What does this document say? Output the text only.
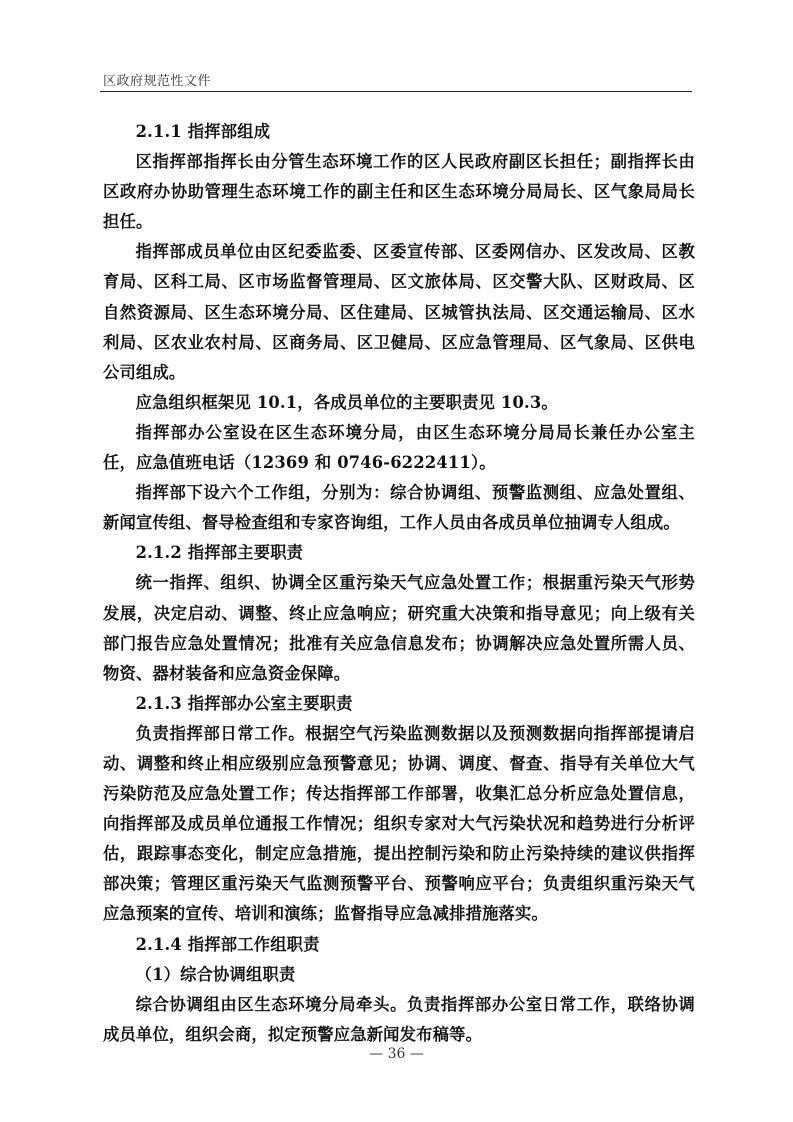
区政府规范性文件

2.1.1 指挥部组成

区指挥部指挥长由分管生态环境工作的区人民政府副区长担任；副指挥长由区政府办协助管理生态环境工作的副主任和区生态环境分局局长、区气象局局长担任。

指挥部成员单位由区纪委监委、区委宣传部、区委网信办、区发改局、区教育局、区科工局、区市场监督管理局、区文旅体局、区交警大队、区财政局、区自然资源局、区生态环境分局、区住建局、区城管执法局、区交通运输局、区水利局、区农业农村局、区商务局、区卫健局、区应急管理局、区气象局、区供电公司组成。

应急组织框架见 10.1，各成员单位的主要职责见 10.3。

指挥部办公室设在区生态环境分局，由区生态环境分局局长兼任办公室主任，应急值班电话（12369 和 0746-6222411）。

指挥部下设六个工作组，分别为：综合协调组、预警监测组、应急处置组、新闻宣传组、督导检查组和专家咨询组，工作人员由各成员单位抽调专人组成。

2.1.2 指挥部主要职责

统一指挥、组织、协调全区重污染天气应急处置工作；根据重污染天气形势发展，决定启动、调整、终止应急响应；研究重大决策和指导意见；向上级有关部门报告应急处置情况；批准有关应急信息发布；协调解决应急处置所需人员、物资、器材装备和应急资金保障。

2.1.3 指挥部办公室主要职责

负责指挥部日常工作。根据空气污染监测数据以及预测数据向指挥部提请启动、调整和终止相应级别应急预警意见；协调、调度、督查、指导有关单位大气污染防范及应急处置工作；传达指挥部工作部署，收集汇总分析应急处置信息，向指挥部及成员单位通报工作情况；组织专家对大气污染状况和趋势进行分析评估，跟踪事态变化，制定应急措施，提出控制污染和防止污染持续的建议供指挥部决策；管理区重污染天气监测预警平台、预警响应平台；负责组织重污染天气应急预案的宣传、培训和演练；监督指导应急减排措施落实。

2.1.4 指挥部工作组职责

（1）综合协调组职责

综合协调组由区生态环境分局牵头。负责指挥部办公室日常工作，联络协调成员单位，组织会商，拟定预警应急新闻发布稿等。

— 36 —
